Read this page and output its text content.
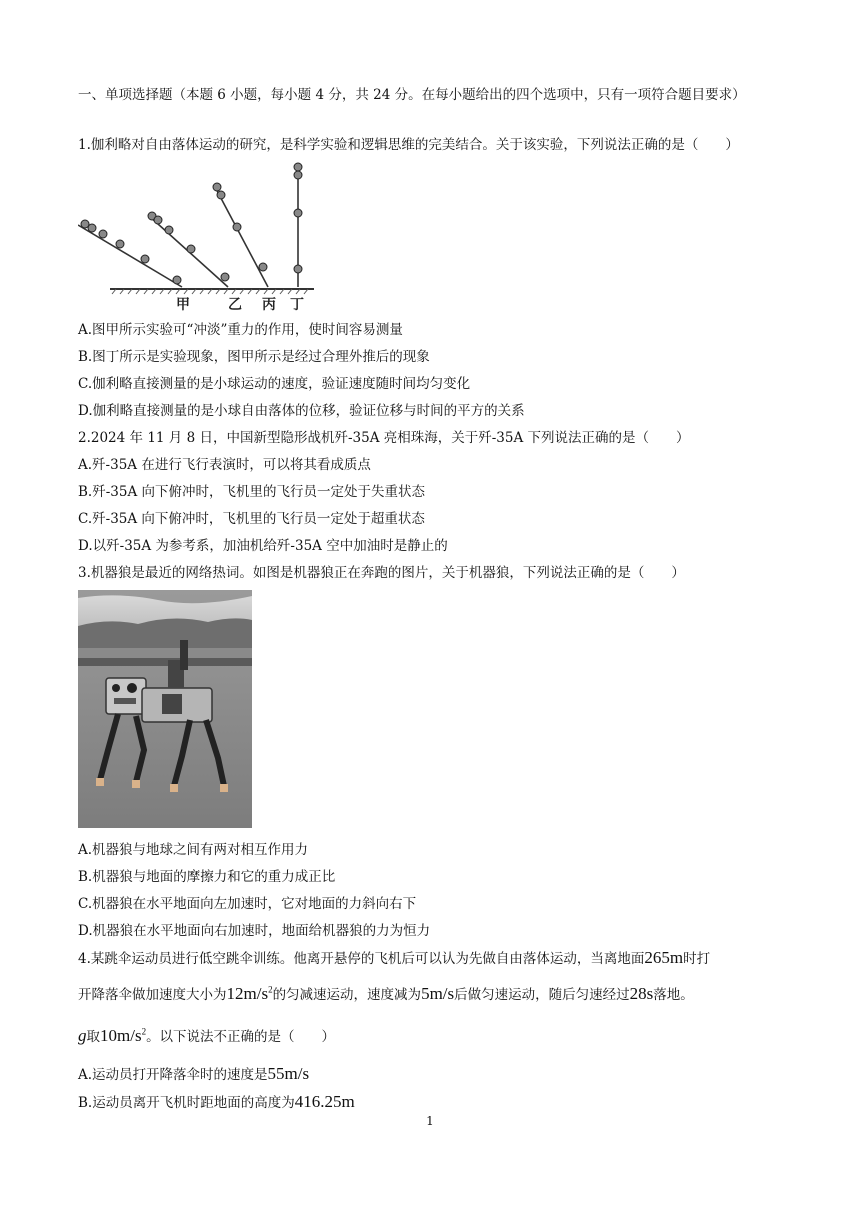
一、单项选择题（本题 6 小题，每小题 4 分，共 24 分。在每小题给出的四个选项中，只有一项符合题目要求）
1.伽利略对自由落体运动的研究，是科学实验和逻辑思维的完美结合。关于该实验，下列说法正确的是（　　）
甲	乙 丙 丁
A.图甲所示实验可“冲淡”重力的作用，使时间容易测量
B.图丁所示是实验现象，图甲所示是经过合理外推后的现象
C.伽利略直接测量的是小球运动的速度，验证速度随时间均匀变化
D.伽利略直接测量的是小球自由落体的位移，验证位移与时间的平方的关系
2.2024 年 11 月 8 日，中国新型隐形战机歼-35A 亮相珠海，关于歼-35A 下列说法正确的是（　　）
A.歼-35A 在进行飞行表演时，可以将其看成质点
B.歼-35A 向下俯冲时，飞机里的飞行员一定处于失重状态
C.歼-35A 向下俯冲时，飞机里的飞行员一定处于超重状态
D.以歼-35A 为参考系，加油机给歼-35A 空中加油时是静止的
3.机器狼是最近的网络热词。如图是机器狼正在奔跑的图片，关于机器狼，下列说法正确的是（　　）
A.机器狼与地球之间有两对相互作用力
B.机器狼与地面的摩擦力和它的重力成正比
C.机器狼在水平地面向左加速时，它对地面的力斜向右下
D.机器狼在水平地面向右加速时，地面给机器狼的力为恒力
4.某跳伞运动员进行低空跳伞训练。他离开悬停的飞机后可以认为先做自由落体运动，当离地面265m时打
开降落伞做加速度大小为$12m/s^2$的匀减速运动，速度减为5m/s后做匀速运动，随后匀速经过28s落地。
g取$10m/s^2$。以下说法不正确的是（　　）
A.运动员打开降落伞时的速度是55m/s
B.运动员离开飞机时距地面的高度为416.25m
1
